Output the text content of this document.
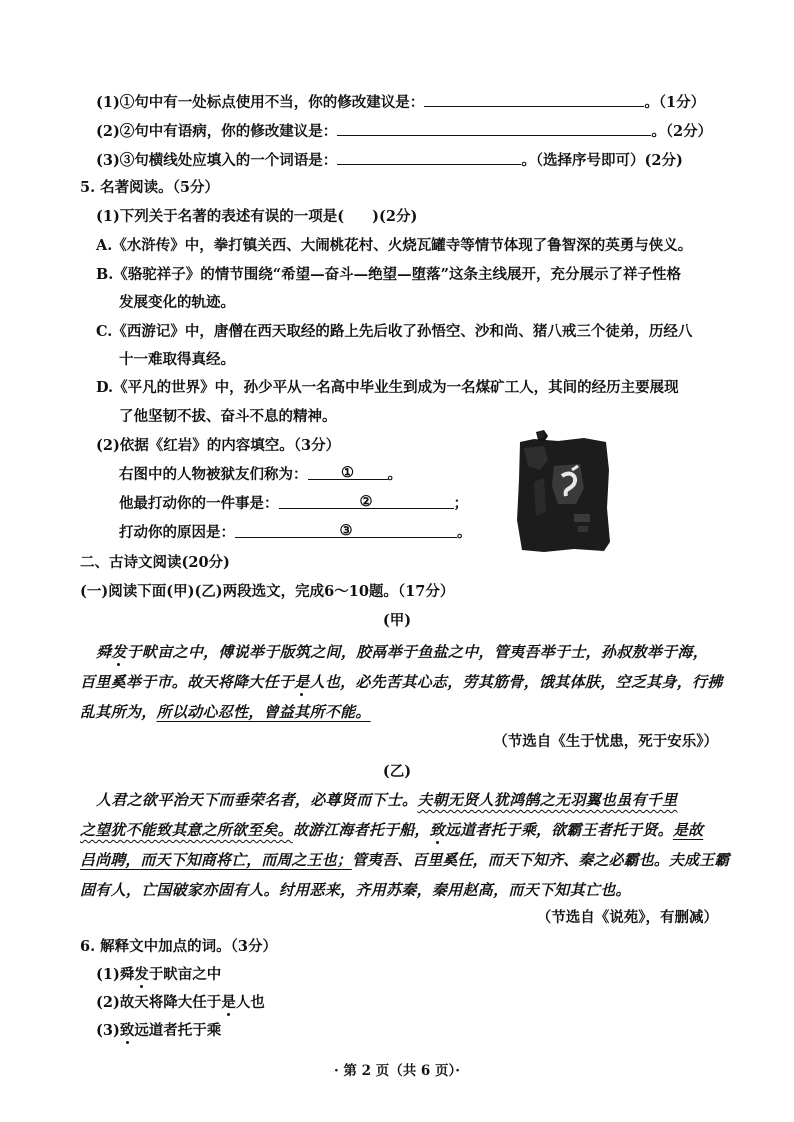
(1)①句中有一处标点使用不当，你的修改建议是：	。（1分）
(2)②句中有语病，你的修改建议是：	。（2分）
(3)③句横线处应填入的一个词语是：	。（选择序号即可）(2分)
5. 名著阅读。（5分）
(1)下列关于名著的表述有误的一项是( )(2分)
A.《水浒传》中，拳打镇关西、大闹桃花村、火烧瓦罐寺等情节体现了鲁智深的英勇与侠义。
B.《骆驼祥子》的情节围绕“希望—奋斗—绝望—堕落”这条主线展开，充分展示了祥子性格
发展变化的轨迹。
C.《西游记》中，唐僧在西天取经的路上先后收了孙悟空、沙和尚、猪八戒三个徒弟，历经八
十一难取得真经。
D.《平凡的世界》中，孙少平从一名高中毕业生到成为一名煤矿工人，其间的经历主要展现
了他坚韧不拔、奋斗不息的精神。
(2)依据《红岩》的内容填空。（3分）
右图中的人物被狱友们称为： ① 。
他最打动你的一件事是：	②	；
打动你的原因是：	③	。
二、古诗文阅读(20分)
(一)阅读下面(甲)(乙)两段选文，完成6～10题。（17分）
(甲)
舜发于畎亩之中，傅说举于版筑之间，胶鬲举于鱼盐之中，管夷吾举于士，孙叔敖举于海，
百里奚举于市。故天将降大任于是人也，必先苦其心志，劳其筋骨，饿其体肤，空乏其身，行拂
乱其所为，所以动心忍性，曾益其所不能。
（节选自《生于忧患，死于安乐》）
(乙)
人君之欲平治天下而垂荣名者，必尊贤而下士。夫朝无贤人犹鸿鹄之无羽翼也虽有千里
之望犹不能致其意之所欲至矣。故游江海者托于船，致远道者托于乘，欲霸王者托于贤。是故
吕尚聘，而天下知商将亡，而周之王也；管夷吾、百里奚任，而天下知齐、秦之必霸也。夫成王霸
固有人，亡国破家亦固有人。纣用恶来，齐用苏秦，秦用赵高，而天下知其亡也。
（节选自《说苑》，有删减）
6. 解释文中加点的词。（3分）
(1)舜发于畎亩之中
(2)故天将降大任于是人也
(3)致远道者托于乘
· 第 2 页（共 6 页）·
